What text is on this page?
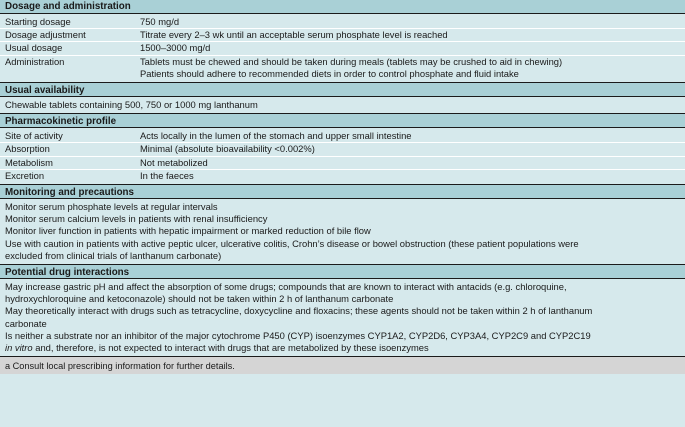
Dosage and administration
Starting dosage	750 mg/d
Dosage adjustment	Titrate every 2–3 wk until an acceptable serum phosphate level is reached
Usual dosage	1500–3000 mg/d
Administration	Tablets must be chewed and should be taken during meals (tablets may be crushed to aid in chewing)
Patients should adhere to recommended diets in order to control phosphate and fluid intake
Usual availability
Chewable tablets containing 500, 750 or 1000 mg lanthanum
Pharmacokinetic profile
Site of activity	Acts locally in the lumen of the stomach and upper small intestine
Absorption	Minimal (absolute bioavailability <0.002%)
Metabolism	Not metabolized
Excretion	In the faeces
Monitoring and precautions
Monitor serum phosphate levels at regular intervals
Monitor serum calcium levels in patients with renal insufficiency
Monitor liver function in patients with hepatic impairment or marked reduction of bile flow
Use with caution in patients with active peptic ulcer, ulcerative colitis, Crohn’s disease or bowel obstruction (these patient populations were
excluded from clinical trials of lanthanum carbonate)
Potential drug interactions
May increase gastric pH and affect the absorption of some drugs; compounds that are known to interact with antacids (e.g. chloroquine,
hydroxychloroquine and ketoconazole) should not be taken within 2 h of lanthanum carbonate
May theoretically interact with drugs such as tetracycline, doxycycline and floxacins; these agents should not be taken within 2 h of lanthanum
carbonate
Is neither a substrate nor an inhibitor of the major cytochrome P450 (CYP) isoenzymes CYP1A2, CYP2D6, CYP3A4, CYP2C9 and CYP2C19
in vitro and, therefore, is not expected to interact with drugs that are metabolized by these isoenzymes
a Consult local prescribing information for further details.
